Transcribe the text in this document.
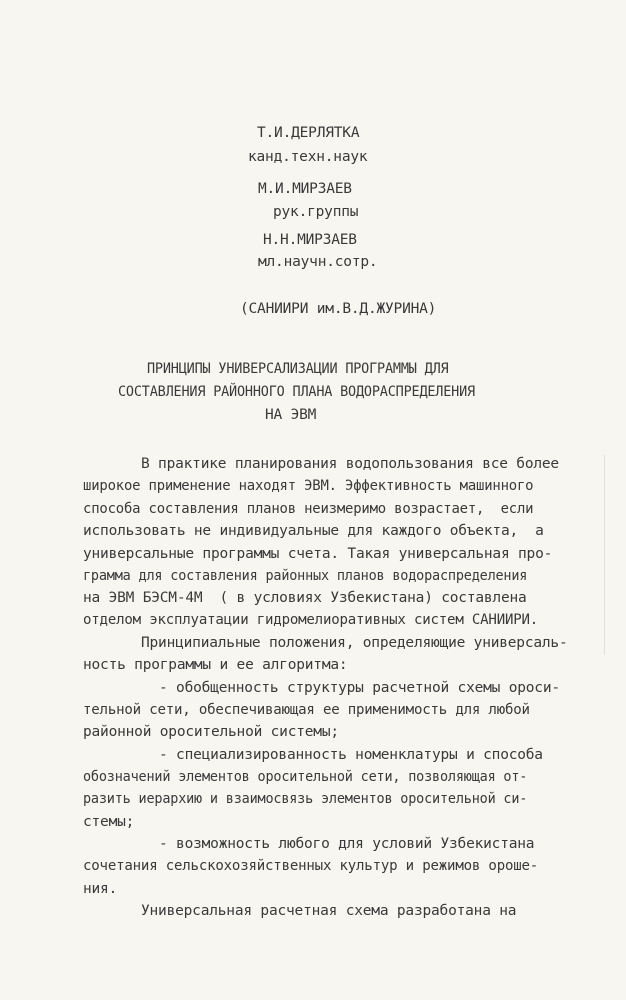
Т.И.ДЕРЛЯТКА
канд.техн.наук
М.И.МИРЗАЕВ
рук.группы
Н.Н.МИРЗАЕВ
мл.научн.сотр.
(САНИИРИ им.В.Д.ЖУРИНА)
ПРИНЦИПЫ УНИВЕРСАЛИЗАЦИИ ПРОГРАММЫ ДЛЯ
СОСТАВЛЕНИЯ РАЙОННОГО ПЛАНА ВОДОРАСПРЕДЕЛЕНИЯ
НА ЭВМ
В практике планирования водопользования все более
широкое применение находят ЭВМ. Эффективность машинного
способа составления планов неизмеримо возрастает,  если
использовать не индивидуальные для каждого объекта,  а
универсальные программы счета. Такая универсальная про-
грамма для составления районных планов водораспределения
на ЭВМ БЭСМ-4М  ( в условиях Узбекистана) составлена
отделом эксплуатации гидромелиоративных систем САНИИРИ.
Принципиальные положения, определяющие универсаль-
ность программы и ее алгоритма:
- обобщенность структуры расчетной схемы ороси-
тельной сети, обеспечивающая ее применимость для любой
районной оросительной системы;
- специализированность номенклатуры и способа
обозначений элементов оросительной сети, позволяющая от-
разить иерархию и взаимосвязь элементов оросительной си-
стемы;
- возможность любого для условий Узбекистана
сочетания сельскохозяйственных культур и режимов ороше-
ния.
Универсальная расчетная схема разработана на
